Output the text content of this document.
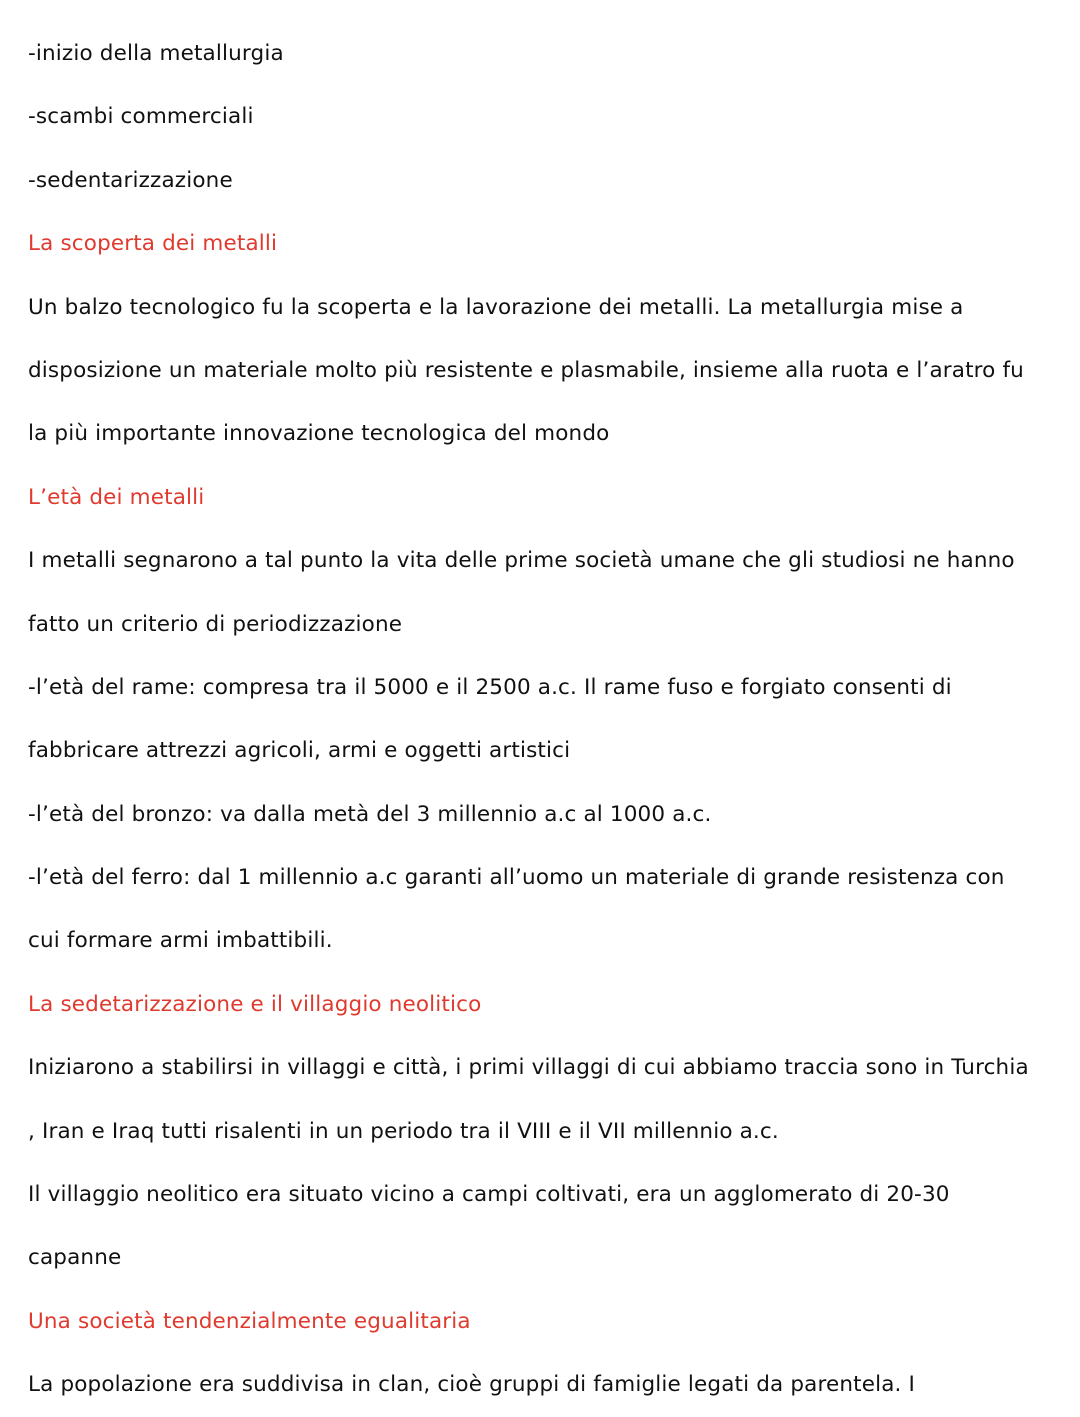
-inizio della metallurgia
-scambi commerciali
-sedentarizzazione
La scoperta dei metalli
Un balzo tecnologico fu la scoperta e la lavorazione dei metalli. La metallurgia mise a
disposizione un materiale molto più resistente e plasmabile, insieme alla ruota e l’aratro fu
la più importante innovazione tecnologica del mondo
L’età dei metalli
I metalli segnarono a tal punto la vita delle prime società umane che gli studiosi ne hanno
fatto un criterio di periodizzazione
-l’età del rame: compresa tra il 5000 e il 2500 a.c. Il rame fuso e forgiato consenti di
fabbricare attrezzi agricoli, armi e oggetti artistici
-l’età del bronzo: va dalla metà del 3 millennio a.c al 1000 a.c.
-l’età del ferro: dal 1 millennio a.c garanti all’uomo un materiale di grande resistenza con
cui formare armi imbattibili.
La sedetarizzazione e il villaggio neolitico
Iniziarono a stabilirsi in villaggi e città, i primi villaggi di cui abbiamo traccia sono in Turchia
, Iran e Iraq tutti risalenti in un periodo tra il VIII e il VII millennio a.c.
Il villaggio neolitico era situato vicino a campi coltivati, era un agglomerato di 20-30
capanne
Una società tendenzialmente egualitaria
La popolazione era suddivisa in clan, cioè gruppi di famiglie legati da parentela. I
